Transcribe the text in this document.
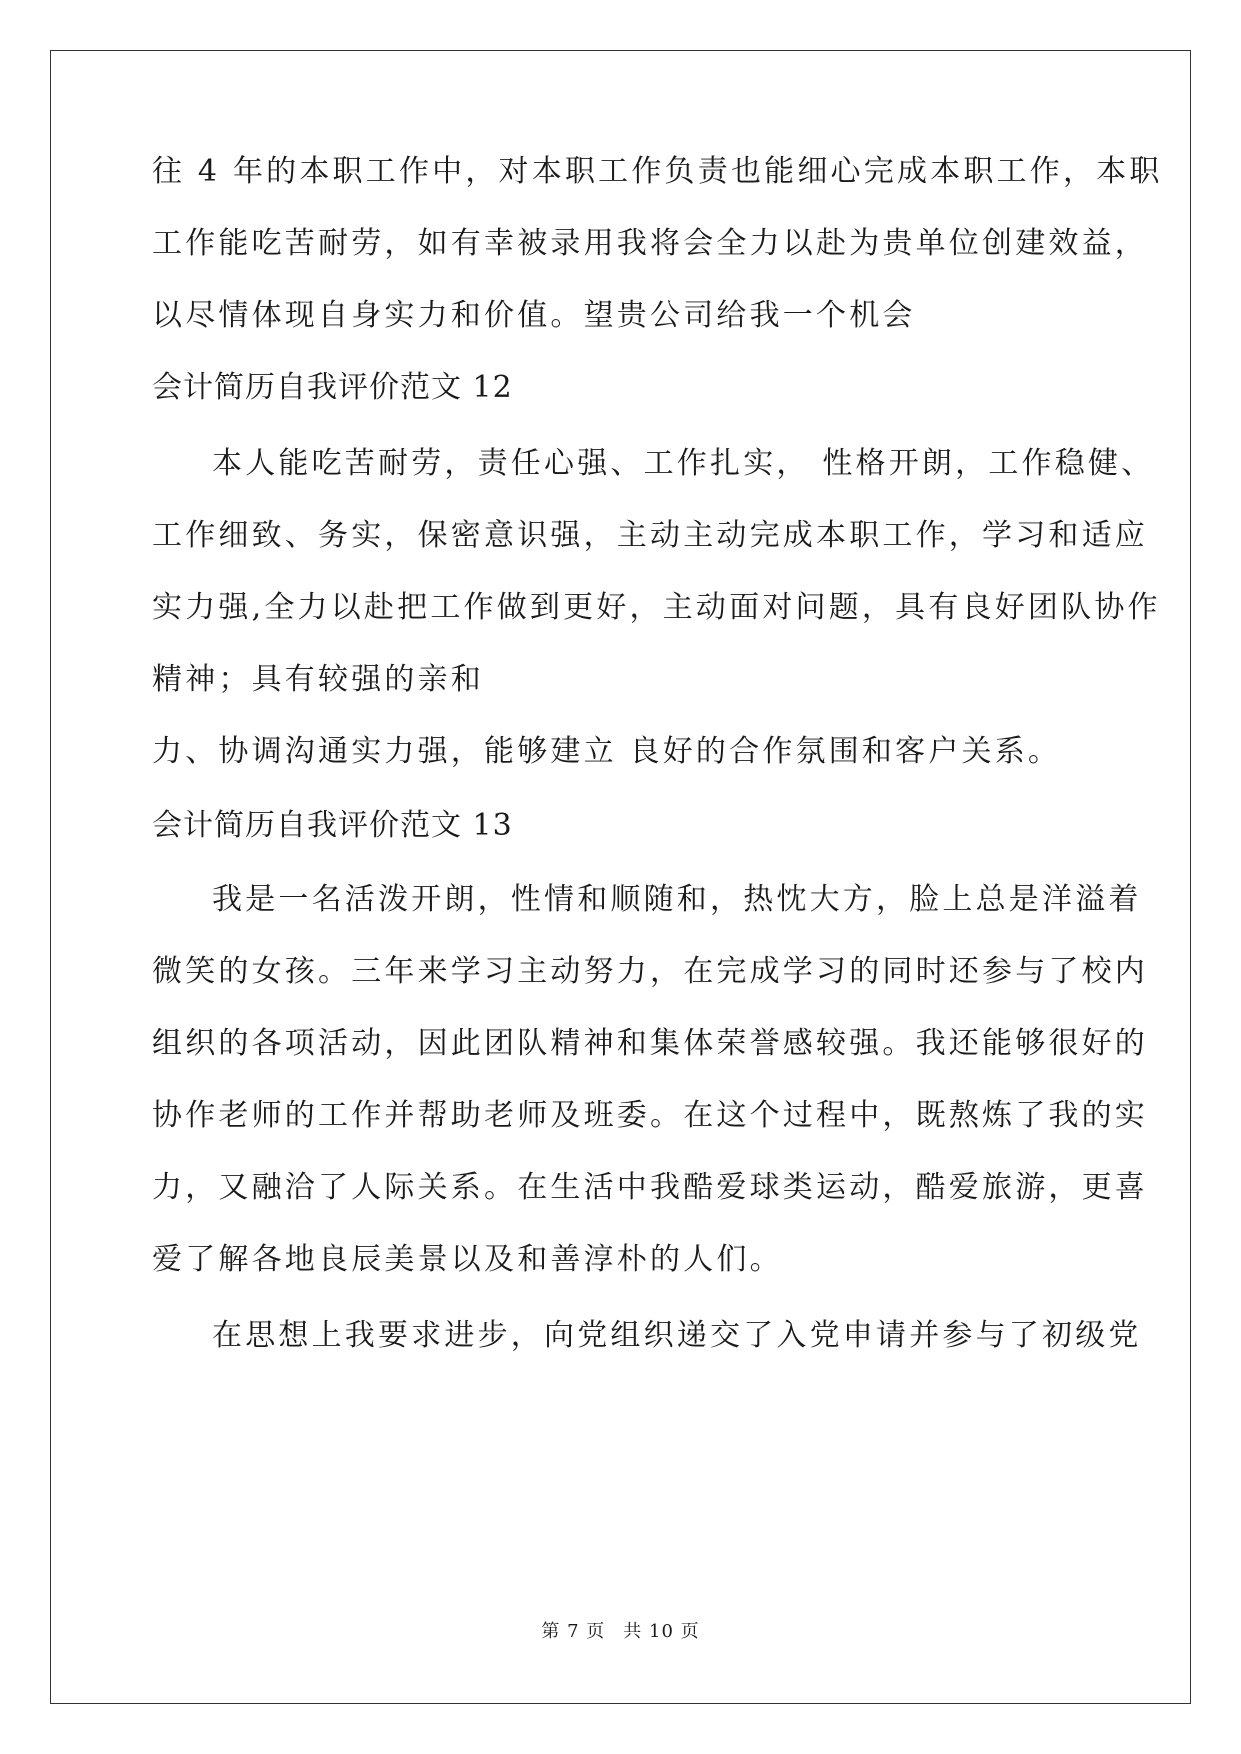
往 4 年的本职工作中，对本职工作负责也能细心完成本职工作，本职
工作能吃苦耐劳，如有幸被录用我将会全力以赴为贵单位创建效益，
以尽情体现自身实力和价值。望贵公司给我一个机会
会计简历自我评价范文 12
本人能吃苦耐劳，责任心强、工作扎实， 性格开朗，工作稳健、
工作细致、务实，保密意识强，主动主动完成本职工作，学习和适应
实力强,全力以赴把工作做到更好，主动面对问题，具有良好团队协作
精神；具有较强的亲和
力、协调沟通实力强，能够建立 良好的合作氛围和客户关系。
会计简历自我评价范文 13
我是一名活泼开朗，性情和顺随和，热忱大方，脸上总是洋溢着
微笑的女孩。三年来学习主动努力，在完成学习的同时还参与了校内
组织的各项活动，因此团队精神和集体荣誉感较强。我还能够很好的
协作老师的工作并帮助老师及班委。在这个过程中，既熬炼了我的实
力，又融洽了人际关系。在生活中我酷爱球类运动，酷爱旅游，更喜
爱了解各地良辰美景以及和善淳朴的人们。
在思想上我要求进步，向党组织递交了入党申请并参与了初级党
第 7 页 共 10 页
